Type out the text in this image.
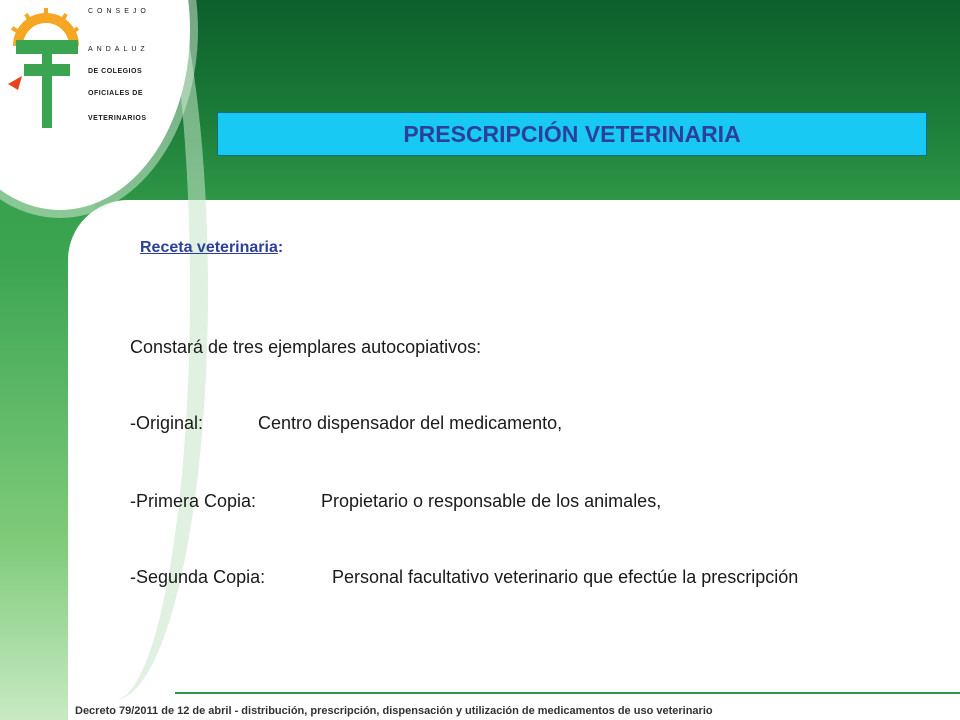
CONSEJO
ANDALUZ
DE COLEGIOS
OFICIALES DE
VETERINARIOS
PRESCRIPCIÓN VETERINARIA
Receta veterinaria:
Constará de tres ejemplares autocopiativos:
-Original:	Centro dispensador del medicamento,
-Primera Copia:	Propietario o responsable de los animales,
-Segunda Copia:	Personal facultativo veterinario que efectúe la prescripción
Decreto 79/2011 de 12 de abril - distribución, prescripción, dispensación y utilización de medicamentos de uso veterinario
